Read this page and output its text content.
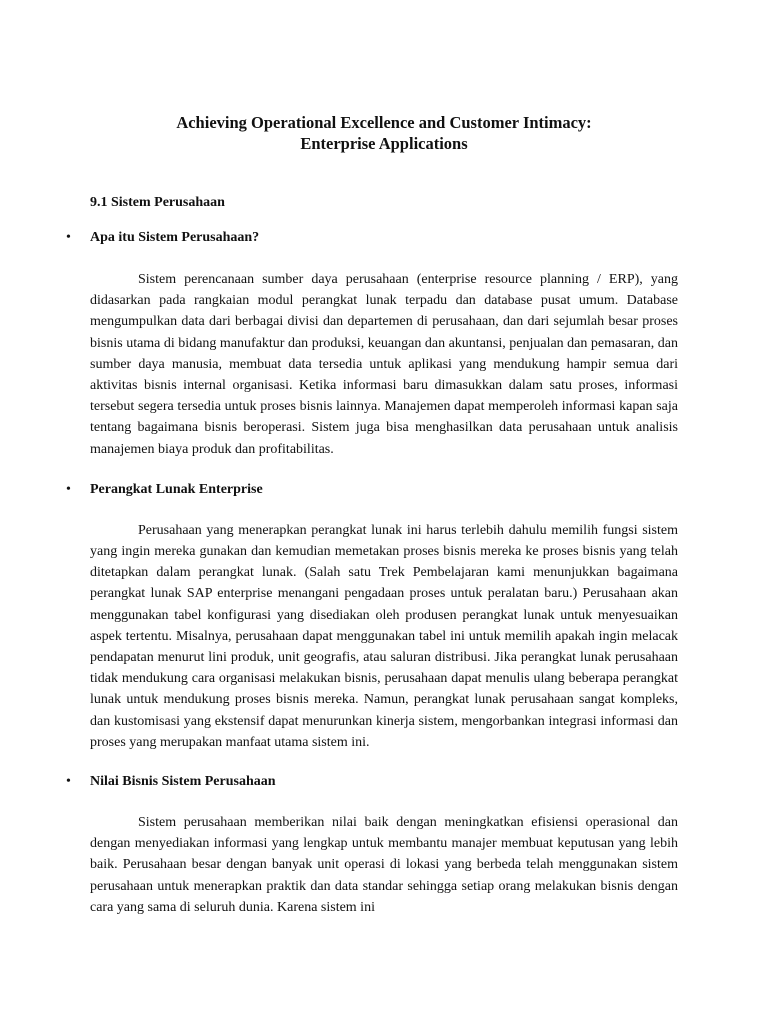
Achieving Operational Excellence and Customer Intimacy:
Enterprise Applications

9.1 Sistem Perusahaan

• Apa itu Sistem Perusahaan?

Sistem perencanaan sumber daya perusahaan (enterprise resource planning / ERP), yang didasarkan pada rangkaian modul perangkat lunak terpadu dan database pusat umum. Database mengumpulkan data dari berbagai divisi dan departemen di perusahaan, dan dari sejumlah besar proses bisnis utama di bidang manufaktur dan produksi, keuangan dan akuntansi, penjualan dan pemasaran, dan sumber daya manusia, membuat data tersedia untuk aplikasi yang mendukung hampir semua dari aktivitas bisnis internal organisasi. Ketika informasi baru dimasukkan dalam satu proses, informasi tersebut segera tersedia untuk proses bisnis lainnya. Manajemen dapat memperoleh informasi kapan saja tentang bagaimana bisnis beroperasi. Sistem juga bisa menghasilkan data perusahaan untuk analisis manajemen biaya produk dan profitabilitas.

• Perangkat Lunak Enterprise

Perusahaan yang menerapkan perangkat lunak ini harus terlebih dahulu memilih fungsi sistem yang ingin mereka gunakan dan kemudian memetakan proses bisnis mereka ke proses bisnis yang telah ditetapkan dalam perangkat lunak. (Salah satu Trek Pembelajaran kami menunjukkan bagaimana perangkat lunak SAP enterprise menangani pengadaan proses untuk peralatan baru.) Perusahaan akan menggunakan tabel konfigurasi yang disediakan oleh produsen perangkat lunak untuk menyesuaikan aspek tertentu. Misalnya, perusahaan dapat menggunakan tabel ini untuk memilih apakah ingin melacak pendapatan menurut lini produk, unit geografis, atau saluran distribusi. Jika perangkat lunak perusahaan tidak mendukung cara organisasi melakukan bisnis, perusahaan dapat menulis ulang beberapa perangkat lunak untuk mendukung proses bisnis mereka. Namun, perangkat lunak perusahaan sangat kompleks, dan kustomisasi yang ekstensif dapat menurunkan kinerja sistem, mengorbankan integrasi informasi dan proses yang merupakan manfaat utama sistem ini.

• Nilai Bisnis Sistem Perusahaan

Sistem perusahaan memberikan nilai baik dengan meningkatkan efisiensi operasional dan dengan menyediakan informasi yang lengkap untuk membantu manajer membuat keputusan yang lebih baik. Perusahaan besar dengan banyak unit operasi di lokasi yang berbeda telah menggunakan sistem perusahaan untuk menerapkan praktik dan data standar sehingga setiap orang melakukan bisnis dengan cara yang sama di seluruh dunia. Karena sistem ini
